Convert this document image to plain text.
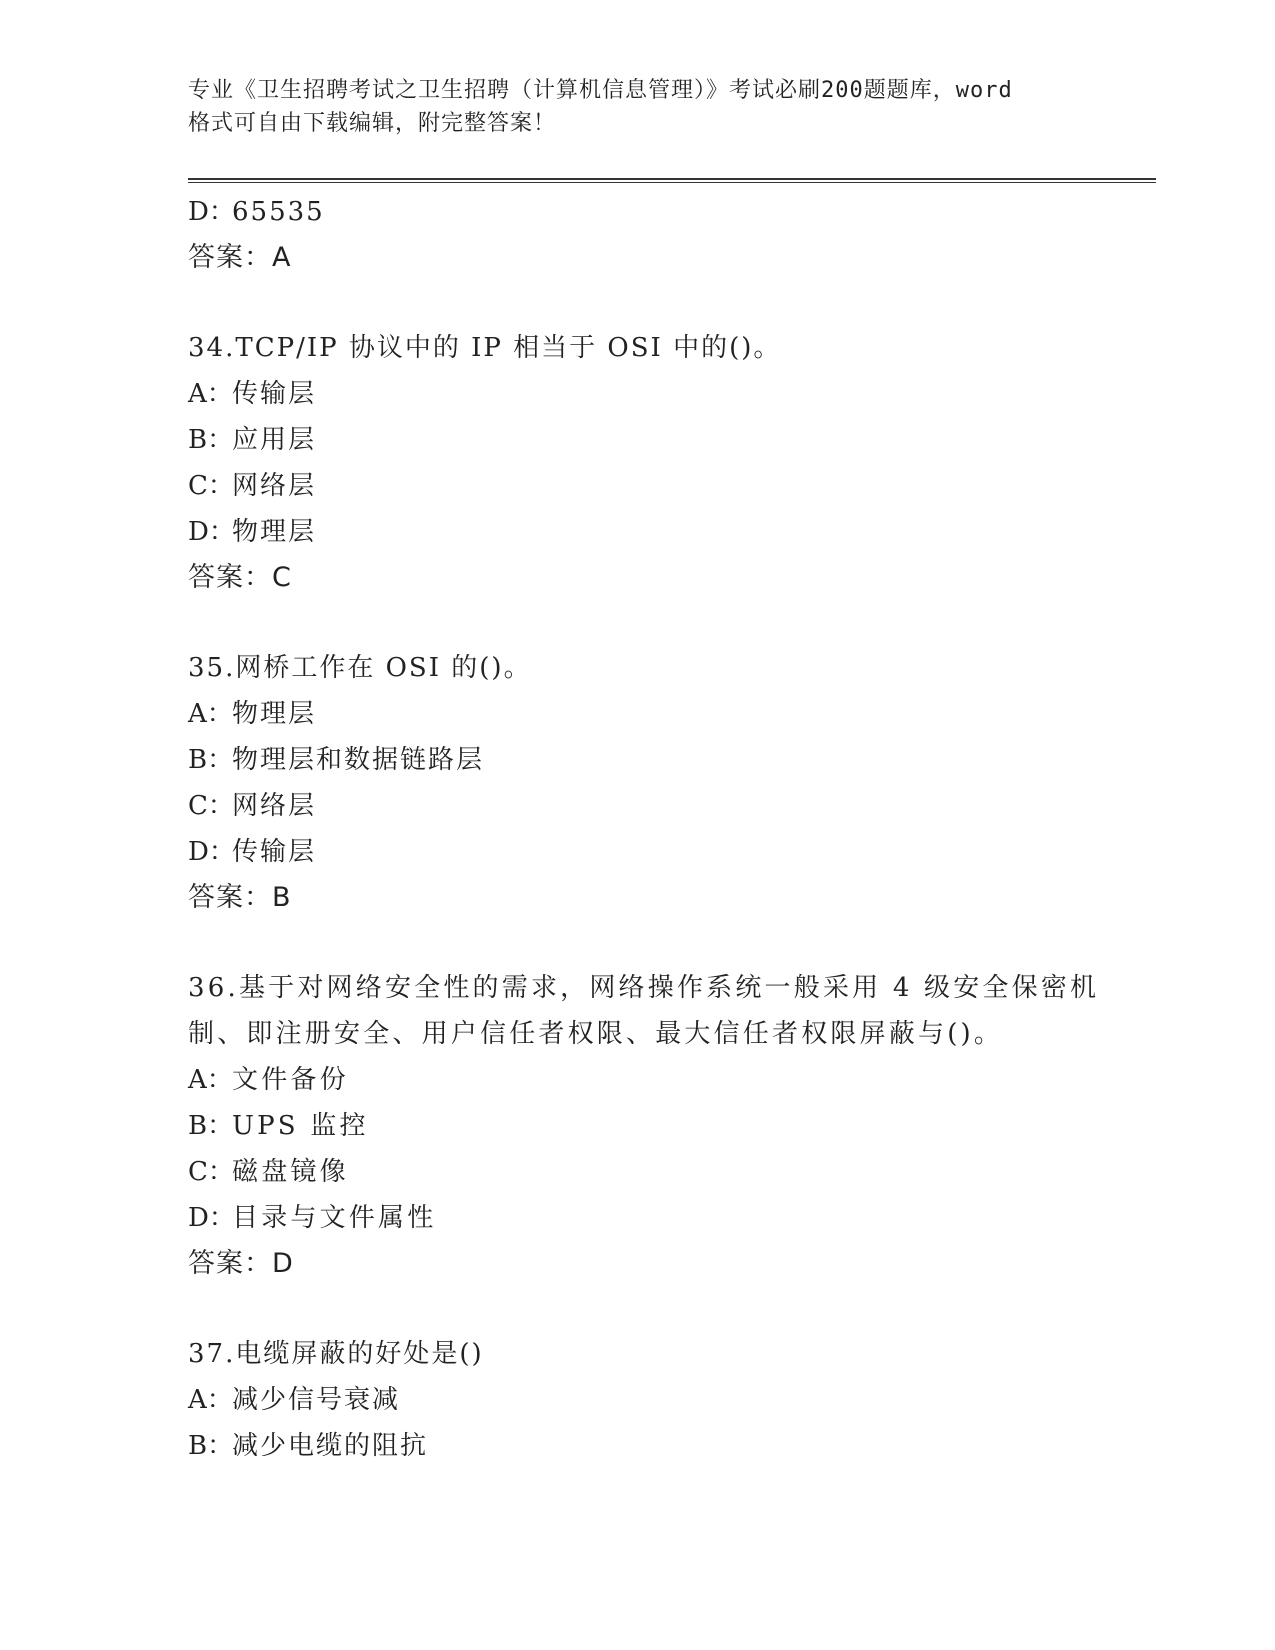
专业《卫生招聘考试之卫生招聘（计算机信息管理）》考试必刷200题题库，word
格式可自由下载编辑，附完整答案！
D：65535
答案：A
34.TCP/IP 协议中的 IP 相当于 OSI 中的()。
A：传输层
B：应用层
C：网络层
D：物理层
答案：C
35.网桥工作在 OSI 的()。
A：物理层
B：物理层和数据链路层
C：网络层
D：传输层
答案：B
36.基于对网络安全性的需求，网络操作系统一般采用 4 级安全保密机
制、即注册安全、用户信任者权限、最大信任者权限屏蔽与()。
A：文件备份
B：UPS 监控
C：磁盘镜像
D：目录与文件属性
答案：D
37.电缆屏蔽的好处是()
A：减少信号衰减
B：减少电缆的阻抗
